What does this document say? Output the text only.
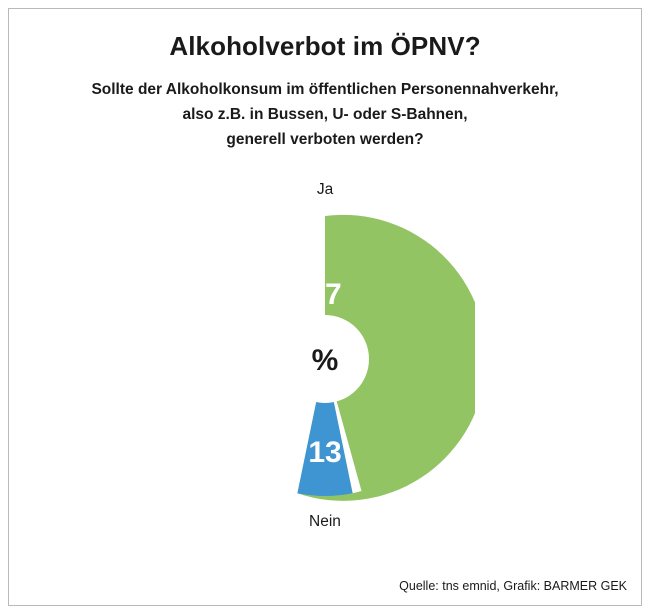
Alkoholverbot im ÖPNV?
Sollte der Alkoholkonsum im öffentlichen Personennahverkehr,
also z.B. in Bussen, U- oder S-Bahnen,
generell verboten werden?
Ja
87
13
%
Nein
Quelle: tns emnid, Grafik: BARMER GEK
